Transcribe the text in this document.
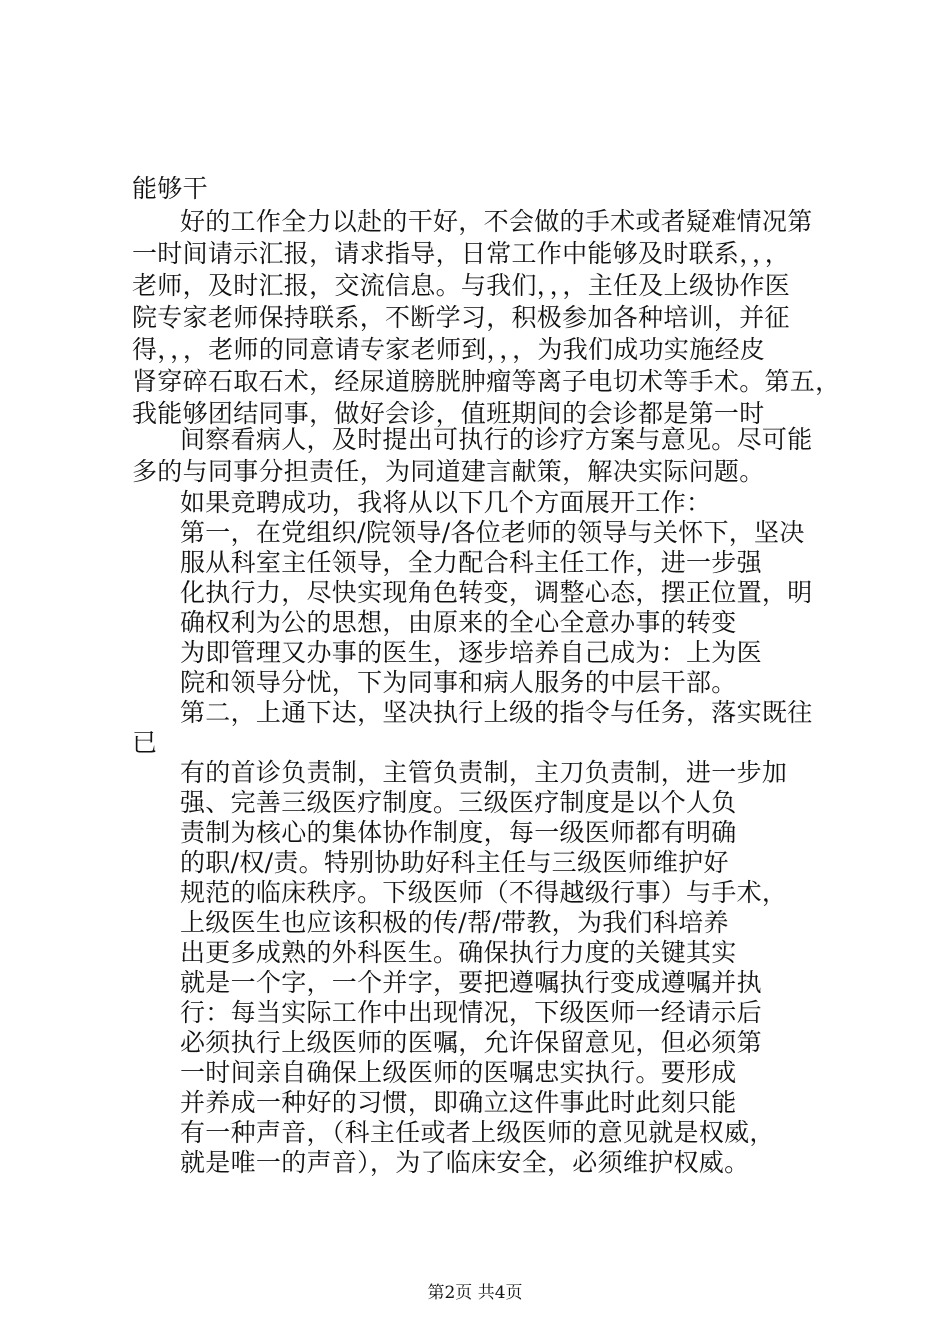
能够干
好的工作全力以赴的干好，不会做的手术或者疑难情况第
一时间请示汇报，请求指导，日常工作中能够及时联系，，，
老师，及时汇报，交流信息。与我们，，，主任及上级协作医
院专家老师保持联系，不断学习，积极参加各种培训，并征
得，，，老师的同意请专家老师到，，，为我们成功实施经皮
肾穿碎石取石术，经尿道膀胱肿瘤等离子电切术等手术。第五，
我能够团结同事，做好会诊，值班期间的会诊都是第一时
间察看病人，及时提出可执行的诊疗方案与意见。尽可能
多的与同事分担责任，为同道建言献策，解决实际问题。
如果竞聘成功，我将从以下几个方面展开工作：
第一，在党组织/院领导/各位老师的领导与关怀下，坚决
服从科室主任领导，全力配合科主任工作，进一步强
化执行力，尽快实现角色转变，调整心态，摆正位置，明
确权利为公的思想，由原来的全心全意办事的转变
为即管理又办事的医生，逐步培养自己成为：上为医
院和领导分忧，下为同事和病人服务的中层干部。
第二，上通下达，坚决执行上级的指令与任务，落实既往
已
有的首诊负责制，主管负责制，主刀负责制，进一步加
强、完善三级医疗制度。三级医疗制度是以个人负
责制为核心的集体协作制度，每一级医师都有明确
的职/权/责。特别协助好科主任与三级医师维护好
规范的临床秩序。下级医师（不得越级行事）与手术，
上级医生也应该积极的传/帮/带教，为我们科培养
出更多成熟的外科医生。确保执行力度的关键其实
就是一个字，一个并字，要把遵嘱执行变成遵嘱并执
行：每当实际工作中出现情况，下级医师一经请示后
必须执行上级医师的医嘱，允许保留意见，但必须第
一时间亲自确保上级医师的医嘱忠实执行。要形成
并养成一种好的习惯，即确立这件事此时此刻只能
有一种声音，（科主任或者上级医师的意见就是权威，
就是唯一的声音），为了临床安全，必须维护权威。
第2页 共4页
